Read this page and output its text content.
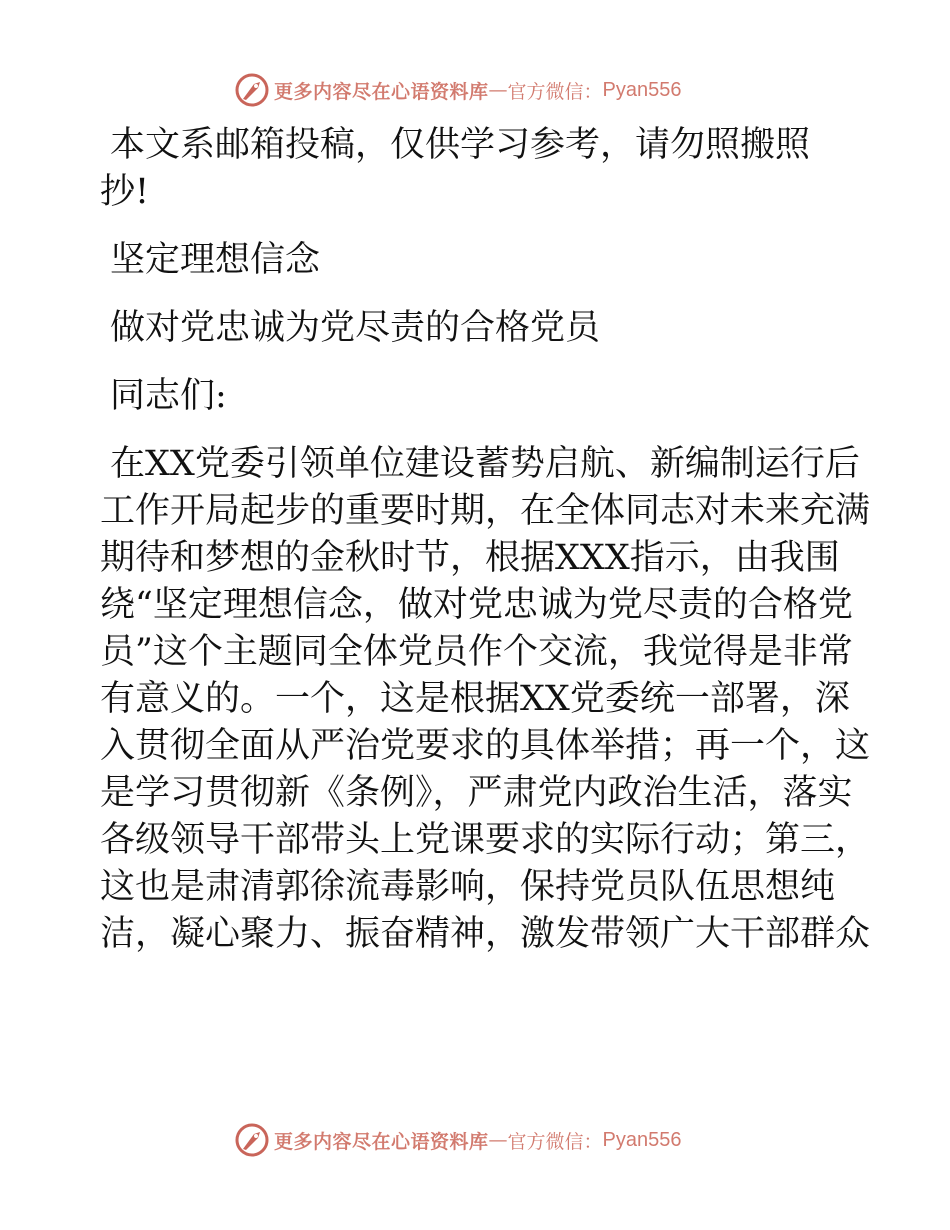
更多内容尽在心语资料库 — 官方微信： Pyan556
本文系邮箱投稿，仅供学习参考，请勿照搬照
抄!
坚定理想信念
做对党忠诚为党尽责的合格党员
同志们:
在XX党委引领单位建设蓄势启航、新编制运行后
工作开局起步的重要时期，在全体同志对未来充满
期待和梦想的金秋时节，根据XXX指示，由我围
绕“坚定理想信念，做对党忠诚为党尽责的合格党
员”这个主题同全体党员作个交流，我觉得是非常
有意义的。一个，这是根据XX党委统一部署，深
入贯彻全面从严治党要求的具体举措；再一个，这
是学习贯彻新《条例》，严肃党内政治生活，落实
各级领导干部带头上党课要求的实际行动；第三，
这也是肃清郭徐流毒影响，保持党员队伍思想纯
洁，凝心聚力、振奋精神，激发带领广大干部群众
更多内容尽在心语资料库 — 官方微信： Pyan556
